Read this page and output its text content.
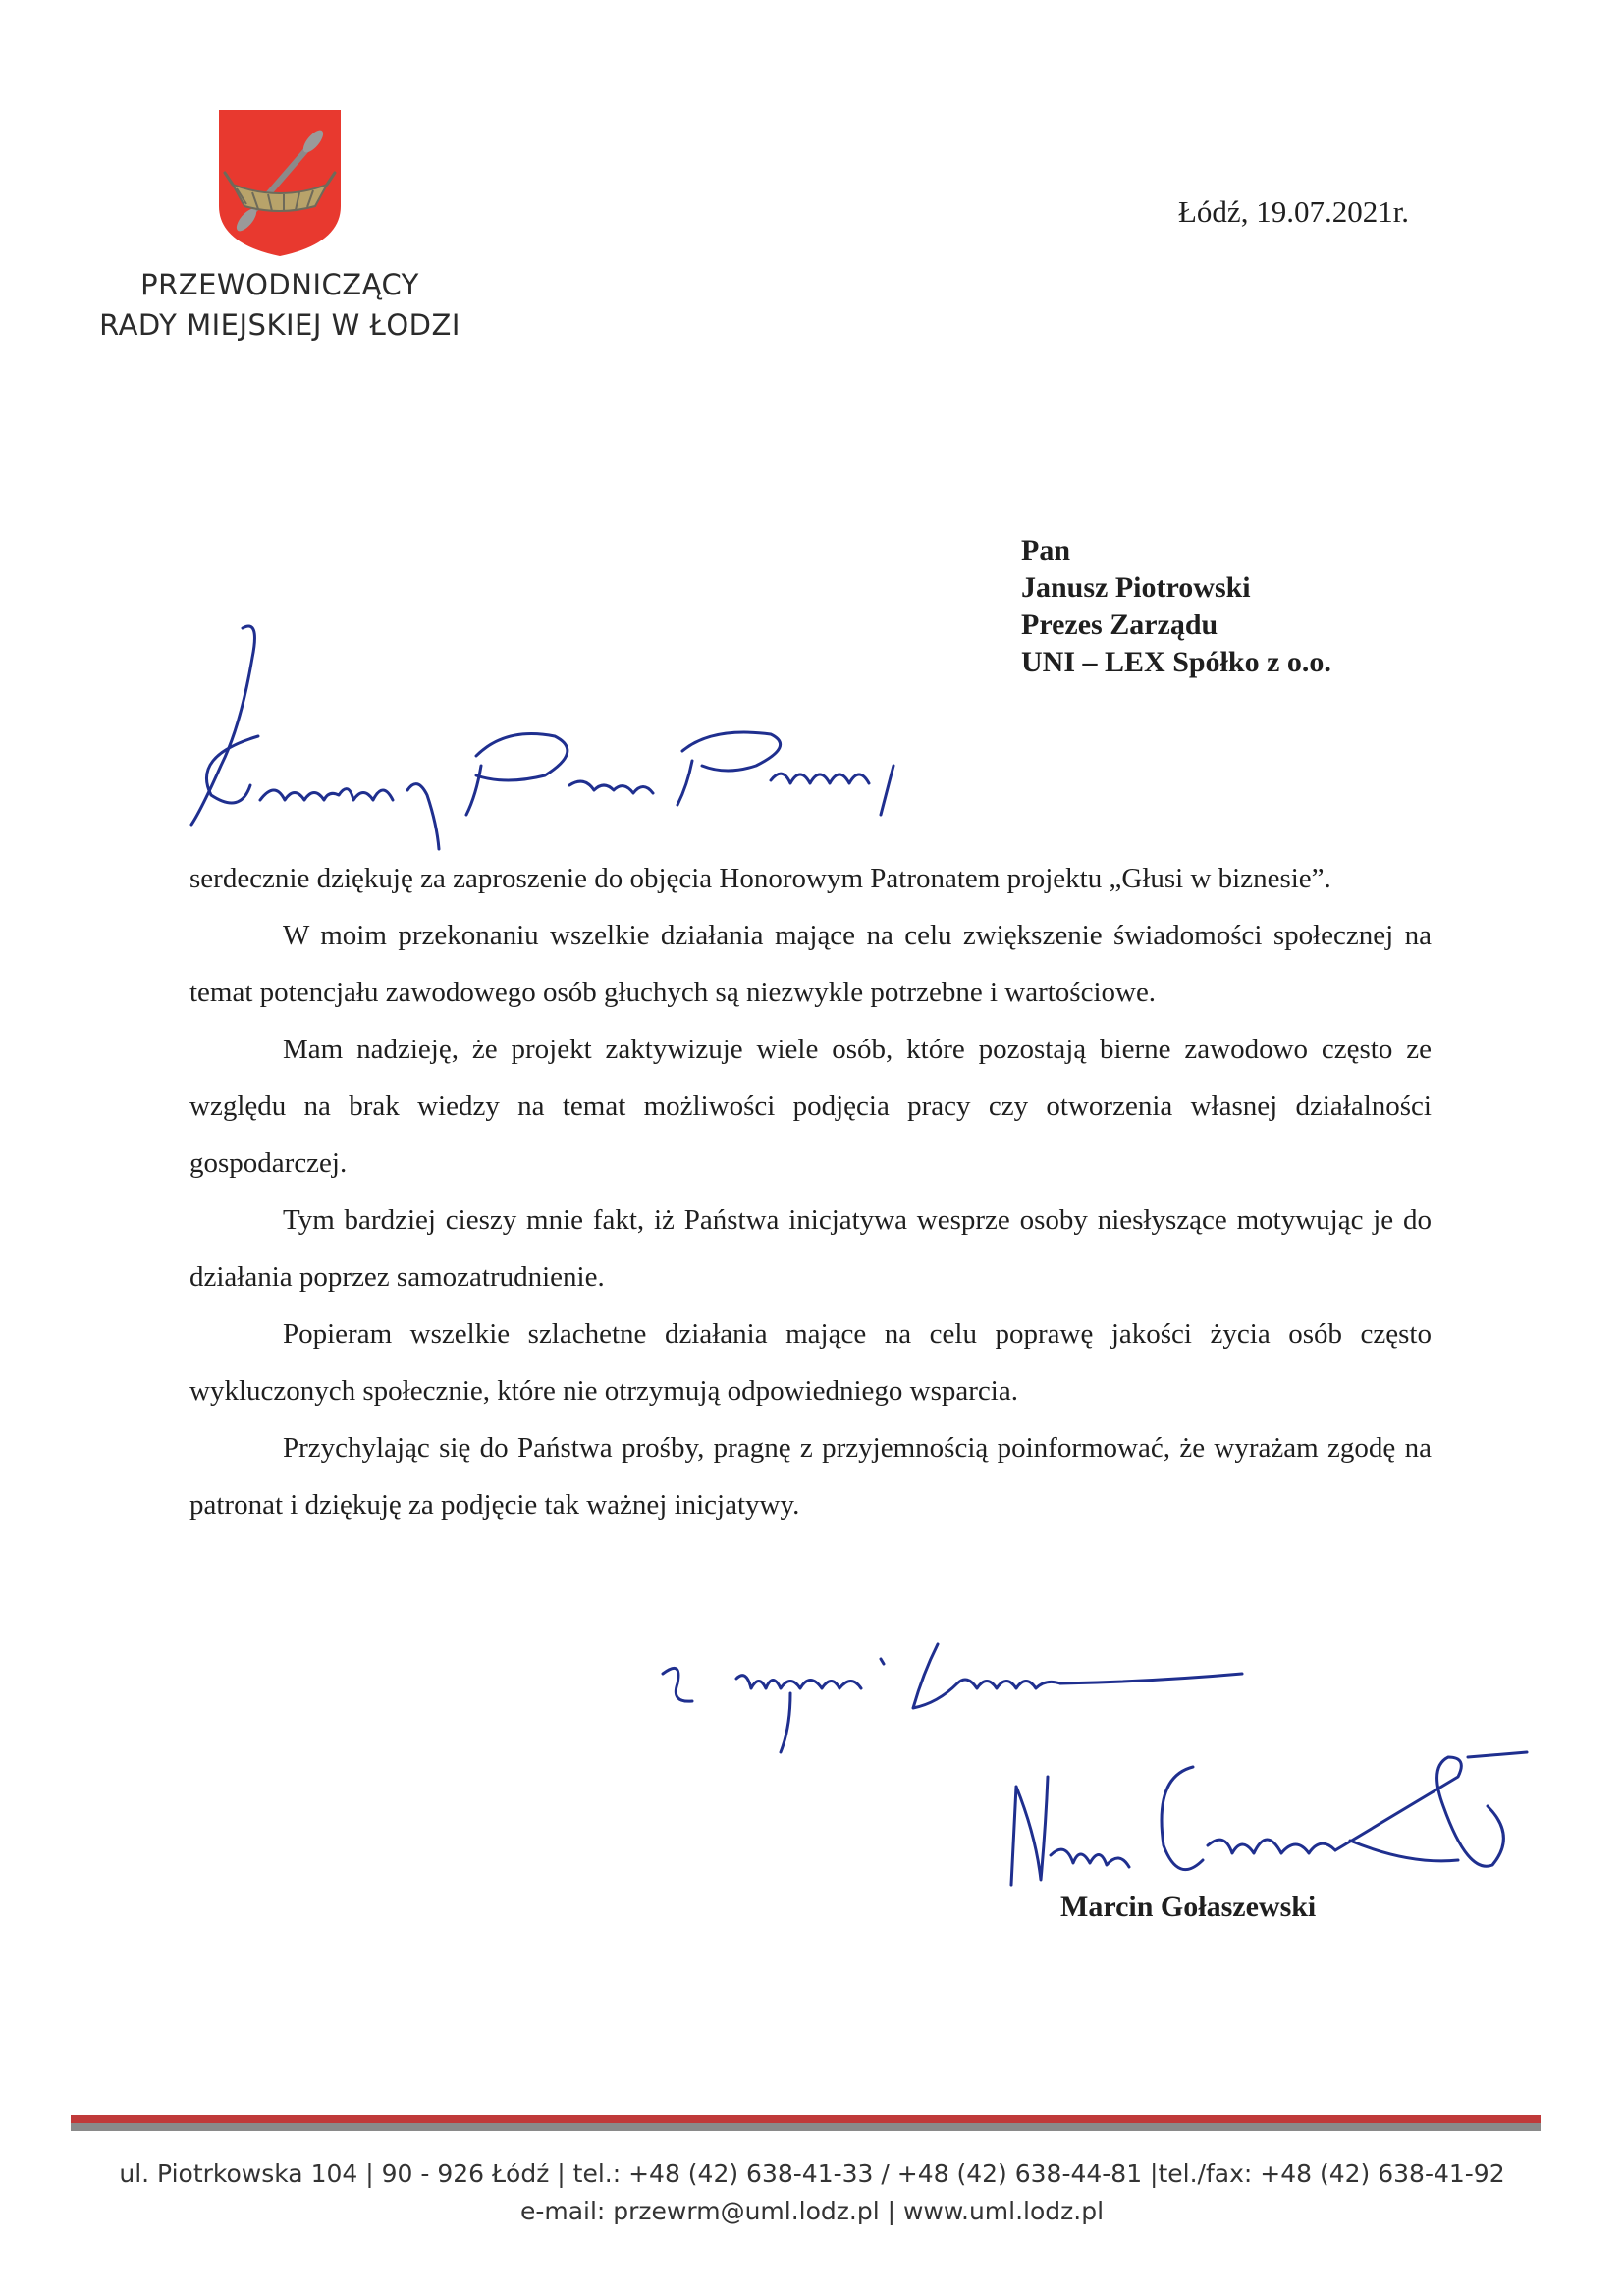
PRZEWODNICZĄCY
RADY MIEJSKIEJ W ŁODZI
Łódź, 19.07.2021r.
Pan
Janusz Piotrowski
Prezes Zarządu
UNI – LEX Spółko z o.o.

serdecznie dziękuję za zaproszenie do objęcia Honorowym Patronatem projektu „Głusi w biznesie”.

W moim przekonaniu wszelkie działania mające na celu zwiększenie świadomości społecznej na temat potencjału zawodowego osób głuchych są niezwykle potrzebne i wartościowe.

Mam nadzieję, że projekt zaktywizuje wiele osób, które pozostają bierne zawodowo często ze względu na brak wiedzy na temat możliwości podjęcia pracy czy otworzenia własnej działalności gospodarczej.

Tym bardziej cieszy mnie fakt, iż Państwa inicjatywa wesprze osoby niesłyszące motywując je do działania poprzez samozatrudnienie.

Popieram wszelkie szlachetne działania mające na celu poprawę jakości życia osób często wykluczonych społecznie, które nie otrzymują odpowiedniego wsparcia.

Przychylając się do Państwa prośby, pragnę z przyjemnością poinformować, że wyrażam zgodę na patronat i dziękuję za podjęcie tak ważnej inicjatywy.

Marcin Gołaszewski
ul. Piotrkowska 104 | 90 - 926 Łódź | tel.: +48 (42) 638-41-33 / +48 (42) 638-44-81 |tel./fax: +48 (42) 638-41-92
e-mail: przewrm@uml.lodz.pl | www.uml.lodz.pl
